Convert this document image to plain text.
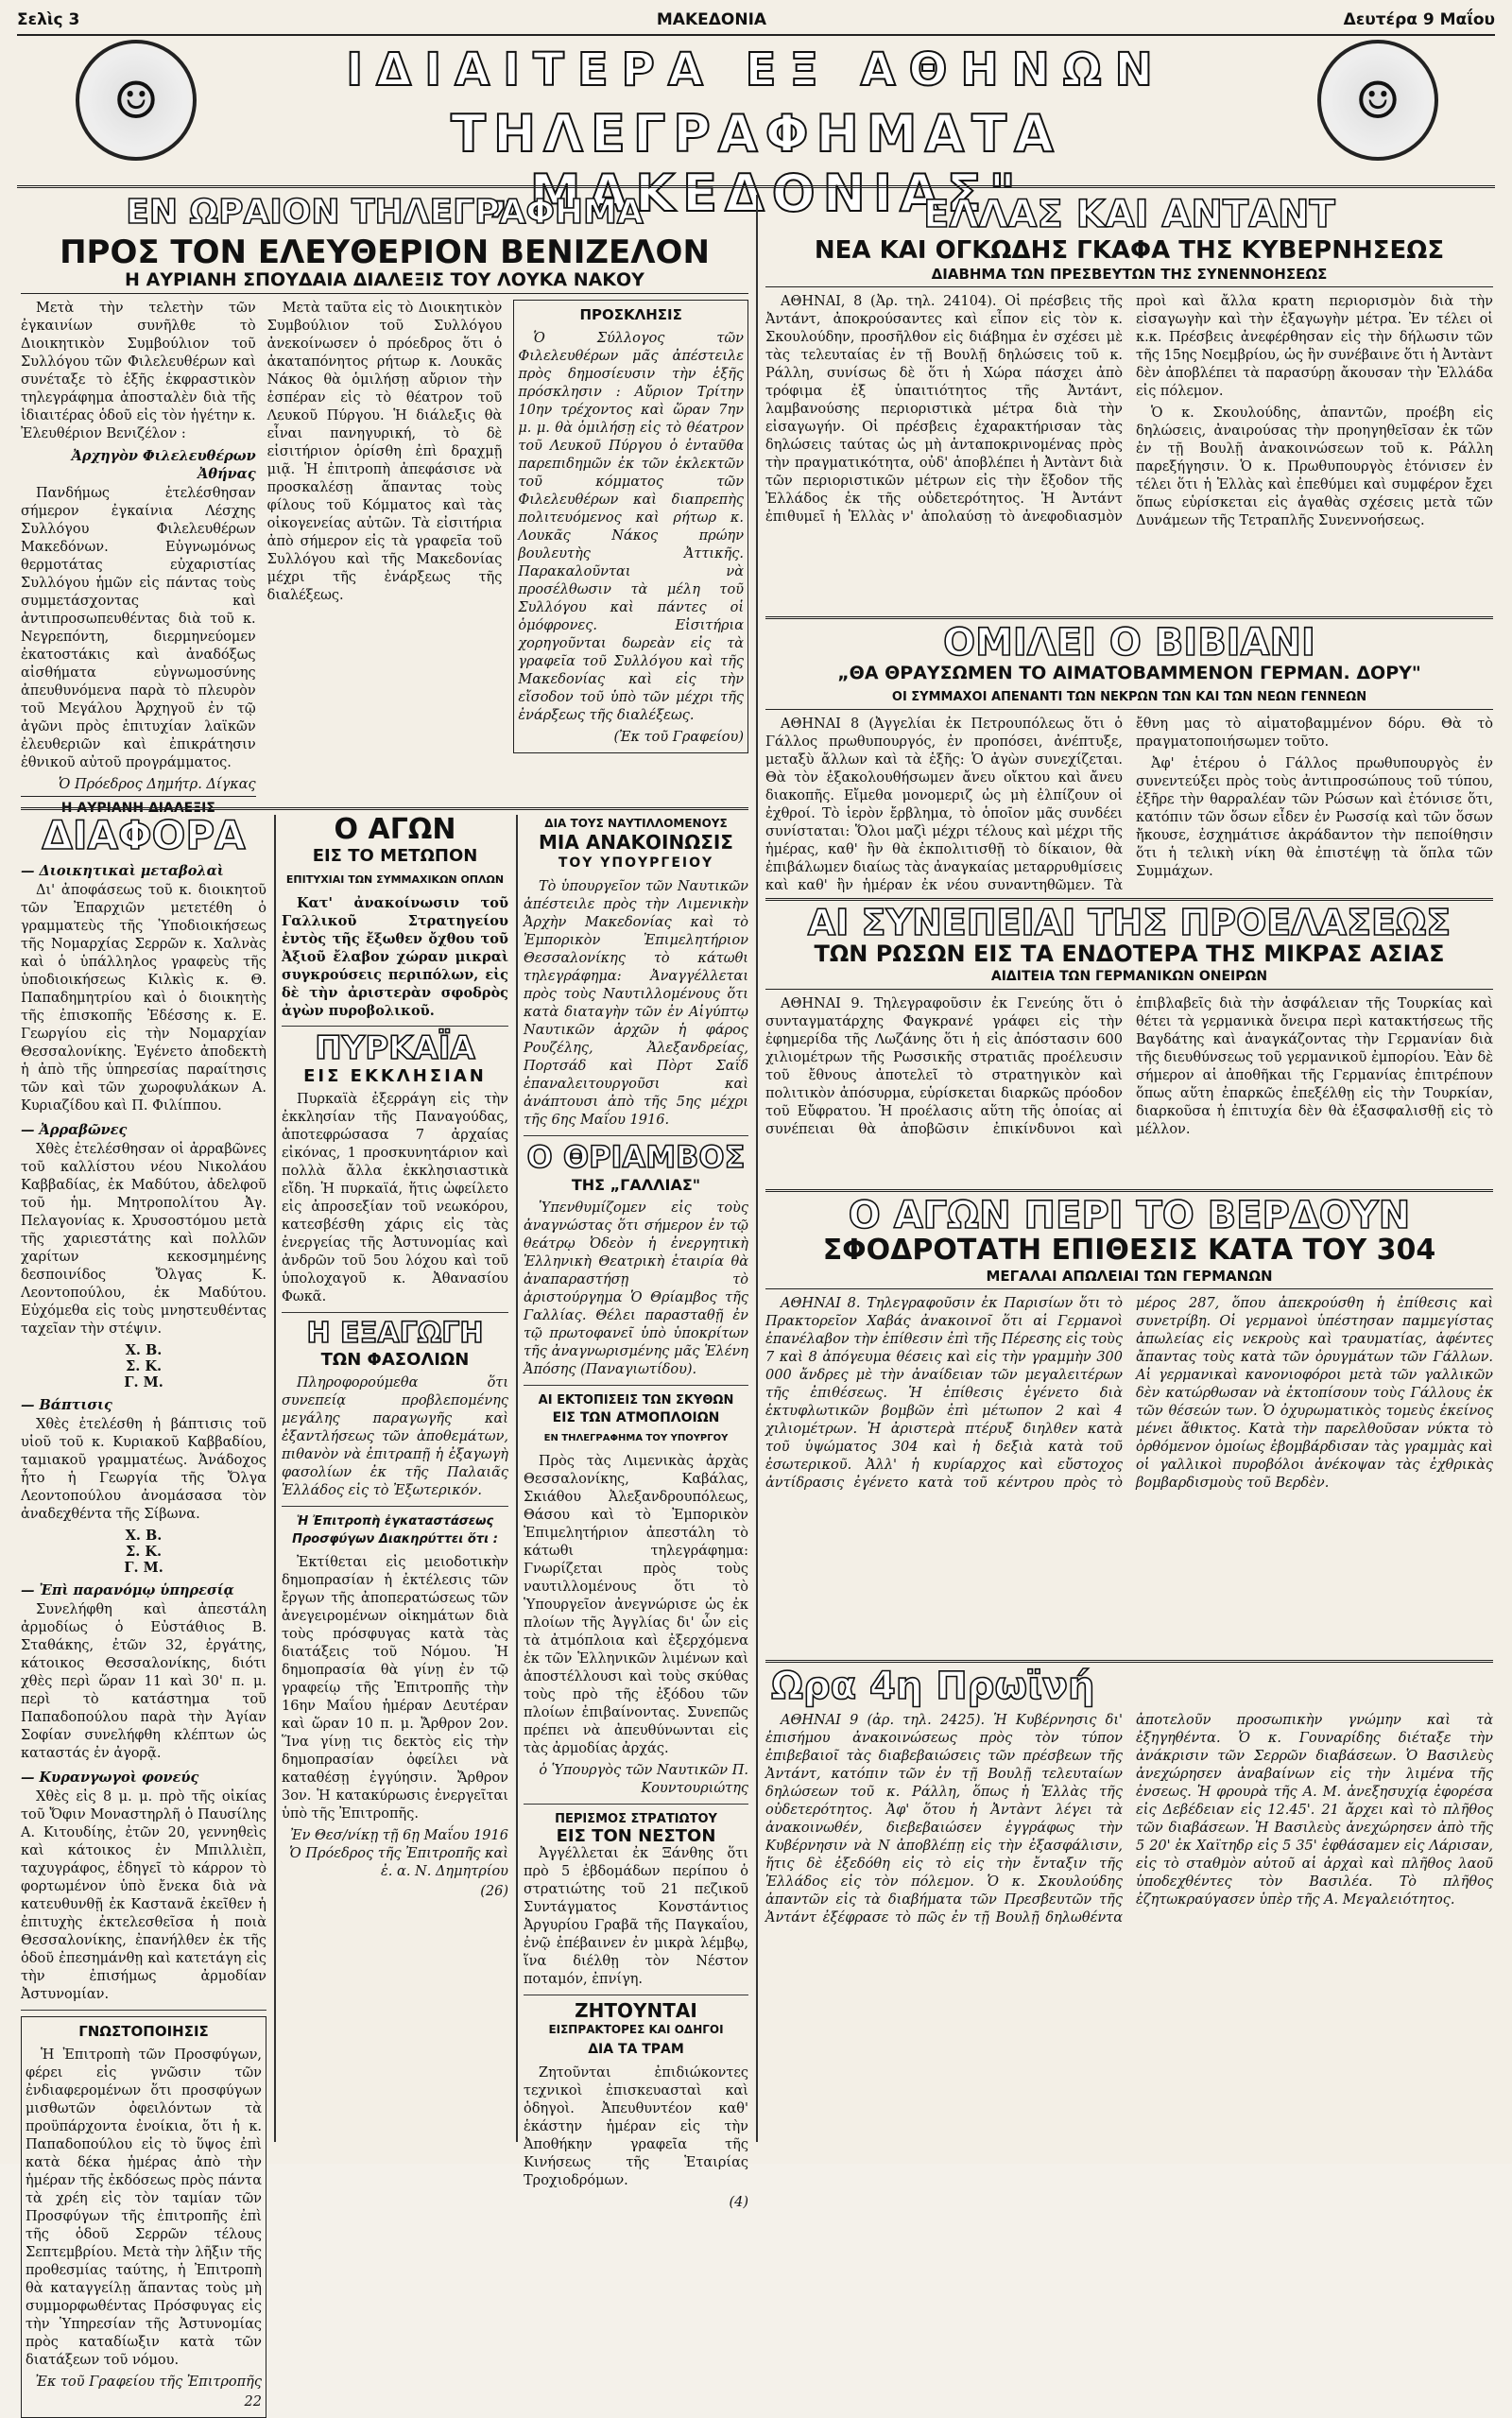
Σελὶς 3	ΜΑΚΕΔΟΝΙΑ	Δευτέρα 9 Μαΐου
☺	☺
ΙΔΙΑΙΤΕΡΑ ΕΞ ΑΘΗΝΩΝ
ΤΗΛΕΓΡΑΦΗΜΑΤΑ „ΜΑΚΕΔΟΝΙΑΣ"
ΕΝ ΩΡΑΙΟΝ ΤΗΛΕΓΡΑΦΗΜΑ
ΠΡΟΣ ΤΟΝ ΕΛΕΥΘΕΡΙΟΝ ΒΕΝΙΖΕΛΟΝ
Η ΑΥΡΙΑΝΗ ΣΠΟΥΔΑΙΑ ΔΙΑΛΕΞΙΣ ΤΟΥ ΛΟΥΚΑ ΝΑΚΟΥ

Μετὰ τὴν τελετὴν τῶν ἐγκαινίων συνῆλθε τὸ Διοικητικὸν Συμβούλιον τοῦ Συλλόγου τῶν Φιλελευθέρων καὶ συνέταξε τὸ ἑξῆς ἐκφραστικὸν τηλεγράφημα ἀποσταλὲν διὰ τῆς ἰδιαιτέρας ὁδοῦ εἰς τὸν ἡγέτην κ. Ἐλευθέριον Βενιζέλον :

Ἀρχηγὸν Φιλελευθέρων Ἀθήνας

Πανδήμως ἑτελέσθησαν σήμερον ἐγκαίνια Λέσχης Συλλόγου Φιλελευθέρων Μακεδόνων. Εὐγνωμόνως θερμοτάτας εὐχαριστίας Συλλόγου ἡμῶν εἰς πάντας τοὺς συμμετάσχοντας καὶ ἀντιπροσωπευθέντας διὰ τοῦ κ. Νεγρεπόντη, διερμηνεύομεν ἐκατοστάκις καὶ ἀναδόξως αἰσθήματα εὐγνωμοσύνης ἀπευθυνόμενα παρὰ τὸ πλευρὸν τοῦ Μεγάλου Ἀρχηγοῦ ἐν τῷ ἀγῶνι πρὸς ἐπιτυχίαν λαϊκῶν ἐλευθεριῶν καὶ ἐπικράτησιν ἐθνικοῦ αὐτοῦ προγράμματος.

Ὁ Πρόεδρος Δημήτρ. Δίγκας
Η ΑΥΡΙΑΝΗ ΔΙΑΛΕΞΙΣ

Μετὰ ταῦτα εἰς τὸ Διοικητικὸν Συμβούλιον τοῦ Συλλόγου ἀνεκοίνωσεν ὁ πρόεδρος ὅτι ὁ ἀκαταπόνητος ρήτωρ κ. Λουκᾶς Νάκος θὰ ὁμιλήσῃ αὔριον τὴν ἑσπέραν εἰς τὸ θέατρον τοῦ Λευκοῦ Πύργου. Ἡ διάλεξις θὰ εἶναι πανηγυρική, τὸ δὲ εἰσιτήριον ὁρίσθη ἐπὶ δραχμῇ μιᾷ. Ἡ ἐπιτροπὴ ἀπεφάσισε νὰ προσκαλέσῃ ἅπαντας τοὺς φίλους τοῦ Κόμματος καὶ τὰς οἰκογενείας αὐτῶν. Τὰ εἰσιτήρια ἀπὸ σήμερον εἰς τὰ γραφεῖα τοῦ Συλλόγου καὶ τῆς Μακεδονίας μέχρι τῆς ἐνάρξεως τῆς διαλέξεως.

ΠΡΟΣΚΛΗΣΙΣ

Ὁ Σύλλογος τῶν Φιλελευθέρων μᾶς ἀπέστειλε πρὸς δημοσίευσιν τὴν ἑξῆς πρόσκλησιν : Αὔριον Τρίτην 10ην τρέχοντος καὶ ὥραν 7ην μ. μ. θὰ ὁμιλήσῃ εἰς τὸ θέατρον τοῦ Λευκοῦ Πύργου ὁ ἐνταῦθα παρεπιδημῶν ἐκ τῶν ἐκλεκτῶν τοῦ κόμματος τῶν Φιλελευθέρων καὶ διαπρεπὴς πολιτευόμενος καὶ ρήτωρ κ. Λουκᾶς Νάκος πρώην βουλευτὴς Ἀττικῆς. Παρακαλοῦνται νὰ προσέλθωσιν τὰ μέλη τοῦ Συλλόγου καὶ πάντες οἱ ὁμόφρονες. Εἰσιτήρια χορηγοῦνται δωρεὰν εἰς τὰ γραφεῖα τοῦ Συλλόγου καὶ τῆς Μακεδονίας καὶ εἰς τὴν εἴσοδον τοῦ ὑπὸ τῶν μέχρι τῆς ἐνάρξεως τῆς διαλέξεως.

(Ἐκ τοῦ Γραφείου)
ΕΛΛΑΣ ΚΑΙ ΑΝΤΑΝΤ
ΝΕΑ ΚΑΙ ΟΓΚΩΔΗΣ ΓΚΑΦΑ ΤΗΣ ΚΥΒΕΡΝΗΣΕΩΣ
ΔΙΑΒΗΜΑ ΤΩΝ ΠΡΕΣΒΕΥΤΩΝ ΤΗΣ ΣΥΝΕΝΝΟΗΣΕΩΣ

ΑΘΗΝΑΙ, 8 (Ἀρ. τηλ. 24104). Οἱ πρέσβεις τῆς Ἀντάντ, ἀποκρούσαντες καὶ εἶπον εἰς τὸν κ. Σκουλούδην, προσῆλθον εἰς διάβημα ἐν σχέσει μὲ τὰς τελευταίας ἐν τῇ Βουλῇ δηλώσεις τοῦ κ. Ράλλη, συνίσως δὲ ὅτι ἡ Χώρα πάσχει ἀπὸ τρόφιμα ἐξ ὑπαιτιότητος τῆς Ἀντάντ, λαμβανούσης περιοριστικὰ μέτρα διὰ τὴν εἰσαγωγήν. Οἱ πρέσβεις ἐχαρακτήρισαν τὰς δηλώσεις ταύτας ὡς μὴ ἀνταποκρινομένας πρὸς τὴν πραγματικότητα, οὐδ' ἀποβλέπει ἡ Ἀντὰντ διὰ τῶν περιοριστικῶν μέτρων εἰς τὴν ἔξοδον τῆς Ἑλλάδος ἐκ τῆς οὐδετερότητος. Ἡ Ἀντάντ ἐπιθυμεῖ ἡ Ἑλλὰς ν' ἀπολαύσῃ τὸ ἀνεφοδιασμὸν προὶ καὶ ἄλλα κρατη περιορισμὸν διὰ τὴν εἰσαγωγὴν καὶ τὴν ἐξαγωγὴν μέτρα. Ἐν τέλει οἱ κ.κ. Πρέσβεις ἀνεφέρθησαν εἰς τὴν δήλωσιν τῶν τῆς 15ης Νοεμβρίου, ὡς ἣν συνέβαινε ὅτι ἡ Ἀντὰντ δὲν ἀποβλέπει τὰ παρασύρῃ ἄκουσαν τὴν Ἑλλάδα εἰς πόλεμον.

Ὁ κ. Σκουλούδης, ἀπαντῶν, προέβη εἰς δηλώσεις, ἀναιρούσας τὴν προηγηθεῖσαν ἐκ τῶν ἐν τῇ Βουλῇ ἀνακοινώσεων τοῦ κ. Ράλλη παρεξήγησιν. Ὁ κ. Πρωθυπουργὸς ἐτόνισεν ἐν τέλει ὅτι ἡ Ἑλλὰς καὶ ἐπεθύμει καὶ συμφέρον ἔχει ὅπως εὑρίσκεται εἰς ἀγαθὰς σχέσεις μετὰ τῶν Δυνάμεων τῆς Τετραπλῆς Συνεννοήσεως.

ΟΜΙΛΕΙ Ο ΒΙΒΙΑΝΙ
„ΘΑ ΘΡΑΥΣΩΜΕΝ ΤΟ ΑΙΜΑΤΟΒΑΜΜΕΝΟΝ ΓΕΡΜΑΝ. ΔΟΡΥ"
ΟΙ ΣΥΜΜΑΧΟΙ ΑΠΕΝΑΝΤΙ ΤΩΝ ΝΕΚΡΩΝ ΤΩΝ ΚΑΙ ΤΩΝ ΝΕΩΝ ΓΕΝΝΕΩΝ

ΑΘΗΝΑΙ 8 (Ἀγγελίαι ἐκ Πετρουπόλεως ὅτι ὁ Γάλλος πρωθυπουργός, ἐν προπόσει, ἀνέπτυξε, μεταξὺ ἄλλων καὶ τὰ ἑξῆς: Ὁ ἀγὼν συνεχίζεται. Θὰ τὸν ἐξακολουθήσωμεν ἄνευ οἴκτου καὶ ἄνευ διακοπῆς. Εἴμεθα μονομεριζ ὡς μὴ ἐλπίζουν οἱ ἐχθροί. Τὸ ἱερὸν ἔρβλημα, τὸ ὁποῖον μᾶς συνδέει συνίσταται: Ὅλοι μαζὶ μέχρι τέλους καὶ μέχρι τῆς ἡμέρας, καθ' ἣν θὰ ἐκπολιτισθῇ τὸ δίκαιον, θὰ ἐπιβάλωμεν διαίως τὰς ἀναγκαίας μεταρρυθμίσεις καὶ καθ' ἣν ἡμέραν ἐκ νέου συναντηθῶμεν. Τὰ ἔθνη μας τὸ αἱματοβαμμένον δόρυ. Θὰ τὸ πραγματοποιήσωμεν τοῦτο.

Ἀφ' ἑτέρου ὁ Γάλλος πρωθυπουργὸς ἐν συνεντεύξει πρὸς τοὺς ἀντιπροσώπους τοῦ τύπου, ἐξῆρε τὴν θαρραλέαν τῶν Ρώσων καὶ ἐτόνισε ὅτι, κατόπιν τῶν ὅσων εἶδεν ἐν Ρωσσίᾳ καὶ τῶν ὅσων ἤκουσε, ἐσχημάτισε ἀκράδαντον τὴν πεποίθησιν ὅτι ἡ τελικὴ νίκη θὰ ἐπιστέψῃ τὰ ὅπλα τῶν Συμμάχων.

ΑΙ ΣΥΝΕΠΕΙΑΙ ΤΗΣ ΠΡΟΕΛΑΣΕΩΣ
ΤΩΝ ΡΩΣΩΝ ΕΙΣ ΤΑ ΕΝΔΟΤΕΡΑ ΤΗΣ ΜΙΚΡΑΣ ΑΣΙΑΣ
ΑΙΔΙΤΕΙΑ ΤΩΝ ΓΕΡΜΑΝΙΚΩΝ ΟΝΕΙΡΩΝ

ΑΘΗΝΑΙ 9. Τηλεγραφοῦσιν ἐκ Γενεύης ὅτι ὁ συνταγματάρχης Φαγκρανέ γράφει εἰς τὴν ἐφημερίδα τῆς Λωζάνης ὅτι ἡ εἰς ἀπόστασιν 600 χιλιομέτρων τῆς Ρωσσικῆς στρατιᾶς προέλευσιν τοῦ ἔθνους ἀποτελεῖ τὸ στρατηγικὸν καὶ πολιτικὸν ἀπόσυρμα, εὑρίσκεται διαρκῶς πρόοδον τοῦ Εὔφρατου. Ἡ προέλασις αὕτη τῆς ὁποίας αἱ συνέπειαι θὰ ἀποβῶσιν ἐπικίνδυνοι καὶ ἐπιβλαβεῖς διὰ τὴν ἀσφάλειαν τῆς Τουρκίας καὶ θέτει τὰ γερμανικὰ ὄνειρα περὶ κατακτήσεως τῆς Βαγδάτης καὶ ἀναγκάζοντας τὴν Γερμανίαν διὰ τῆς διευθύνσεως τοῦ γερμανικοῦ ἐμπορίου. Ἐὰν δὲ σήμερον αἱ ἀποθῆκαι τῆς Γερμανίας ἐπιτρέπουν ὅπως αὕτη ἐπαρκῶς ἐπεξέλθῃ εἰς τὴν Τουρκίαν, διαρκοῦσα ἡ ἐπιτυχία δὲν θὰ ἐξασφαλισθῇ εἰς τὸ μέλλον.

Ο ΑΓΩΝ ΠΕΡΙ ΤΟ ΒΕΡΔΟΥΝ
ΣΦΟΔΡΟΤΑΤΗ ΕΠΙΘΕΣΙΣ ΚΑΤΑ ΤΟΥ 304
ΜΕΓΑΛΑΙ ΑΠΩΛΕΙΑΙ ΤΩΝ ΓΕΡΜΑΝΩΝ

ΑΘΗΝΑΙ 8. Τηλεγραφοῦσιν ἐκ Παρισίων ὅτι τὸ Πρακτορεῖον Χαβάς ἀνακοινοῖ ὅτι αἱ Γερμανοὶ ἐπανέλαβον τὴν ἐπίθεσιν ἐπὶ τῆς Πέρεσης εἰς τοὺς 7 καὶ 8 ἀπόγευμα θέσεις καὶ εἰς τὴν γραμμὴν 300 000 ἄνδρες μὲ τὴν ἀναίδειαν τῶν μεγαλειτέρων τῆς ἐπιθέσεως. Ἡ ἐπίθεσις ἐγένετο διὰ ἐκτυφλωτικῶν βομβῶν ἐπὶ μέτωπον 2 καὶ 4 χιλιομέτρων. Ἡ ἀριστερὰ πτέρυξ διηλθεν κατὰ τοῦ ὑψώματος 304 καὶ ἡ δεξιὰ κατὰ τοῦ ἐσωτερικοῦ. Ἀλλ' ἡ κυρίαρχος καὶ εὔστοχος ἀντίδρασις ἐγένετο κατὰ τοῦ κέντρου πρὸς τὸ μέρος 287, ὅπου ἀπεκρούσθη ἡ ἐπίθεσις καὶ συνετρίβη. Οἱ γερμανοὶ ὑπέστησαν παμμεγίστας ἀπωλείας εἰς νεκροὺς καὶ τραυματίας, ἀφέντες ἄπαντας τοὺς κατὰ τῶν ὀρυγμάτων τῶν Γάλλων. Αἱ γερμανικαὶ κανονιοφόροι μετὰ τῶν γαλλικῶν δὲν κατώρθωσαν νὰ ἐκτοπίσουν τοὺς Γάλλους ἐκ τῶν θέσεών των. Ὁ ὀχυρωματικὸς τομεὺς ἐκείνος μένει ἄθικτος. Κατὰ τὴν παρελθοῦσαν νύκτα τὸ ὀρθόμενον ὁμοίως ἐβομβάρδισαν τὰς γραμμὰς καὶ οἱ γαλλικοὶ πυροβόλοι ἀνέκοψαν τὰς ἐχθρικὰς βομβαρδισμοὺς τοῦ Βερδὲν.

Ωρα 4η Πρωϊνή

ΑΘΗΝΑΙ 9 (ἀρ. τηλ. 2425). Ἡ Κυβέρνησις δι' ἐπισήμου ἀνακοινώσεως πρὸς τὸν τύπον ἐπιβεβαιοῖ τὰς διαβεβαιώσεις τῶν πρέσβεων τῆς Ἀντάντ, κατόπιν τῶν ἐν τῇ Βουλῇ τελευταίων δηλώσεων τοῦ κ. Ράλλη, ὅπως ἡ Ἑλλὰς τῆς οὐδετερότητος. Ἀφ' ὅτου ἡ Ἀντὰντ λέγει τὰ ἀνακοινωθέν, διεβεβαιώσεν ἐγγράφως τὴν Κυβέρνησιν νὰ Ν ἀποβλέπῃ εἰς τὴν ἐξασφάλισιν, ἥτις δὲ ἐξεδόθη εἰς τὸ εἰς τὴν ἔνταξιν τῆς Ἑλλάδος εἰς τὸν πόλεμον. Ὁ κ. Σκουλούδης ἀπαντῶν εἰς τὰ διαβήματα τῶν Πρεσβευτῶν τῆς Ἀντάντ ἐξέφρασε τὸ πῶς ἐν τῇ Βουλῇ δηλωθέντα ἀποτελοῦν προσωπικὴν γνώμην καὶ τὰ ἐξηγηθέντα. Ὁ κ. Γουναρίδης διέταξε τὴν ἀνάκρισιν τῶν Σερρῶν διαβάσεων. Ὁ Βασιλεὺς ἀνεχώρησεν ἀναβαίνων εἰς τὴν λιμένα τῆς ἐνσεως. Ἡ φρουρὰ τῆς Α. Μ. ἀνεξησυχίᾳ ἐφορέσα εἰς Δεβέδειαν εἰς 12.45'. 21 ἄρχει καὶ τὸ πλῆθος τῶν διαβάσεων. Ἡ Βασιλεὺς ἀνεχώρησεν ἀπὸ τῆς 5 20' ἐκ Χαϊτηδρ εἰς 5 35' ἐφθάσαμεν εἰς Λάρισαν, εἰς τὸ σταθμὸν αὐτοῦ αἱ ἀρχαὶ καὶ πλῆθος λαοῦ ὑποδεχθέντες τὸν Βασιλέα. Τὸ πλῆθος ἐζητωκραύγασεν ὑπὲρ τῆς Α. Μεγαλειότητος.

ΔΙΑΦΟΡΑ
— Διοικητικαὶ μεταβολαὶ

Δι' ἀποφάσεως τοῦ κ. διοικητοῦ τῶν Ἐπαρχιῶν μετετέθη ὁ γραμματεὺς τῆς Ὑποδιοικήσεως τῆς Νομαρχίας Σερρῶν κ. Χαλνὰς καὶ ὁ ὑπάλληλος γραφεὺς τῆς ὑποδιοικήσεως Κιλκὶς κ. Θ. Παπαδημητρίου καὶ ὁ διοικητὴς τῆς ἐπισκοπῆς Ἐδέσσης κ. Ε. Γεωργίου εἰς τὴν Νομαρχίαν Θεσσαλονίκης. Ἐγένετο ἀποδεκτὴ ἡ ἀπὸ τῆς ὑπηρεσίας παραίτησις τῶν καὶ τῶν χωροφυλάκων Α. Κυριαζίδου καὶ Π. Φιλίππου.

— Ἀρραβῶνες

Χθὲς ἐτελέσθησαν οἱ ἀρραβῶνες τοῦ καλλίστου νέου Νικολάου Καββαδίας, ἐκ Μαδύτου, ἀδελφοῦ τοῦ ἡμ. Μητροπολίτου Ἀγ. Πελαγονίας κ. Χρυσοστόμου μετὰ τῆς χαριεστάτης καὶ πολλῶν χαρίτων κεκοσμημένης δεσποινίδος Ὄλγας Κ. Λεοντοπούλου, ἐκ Μαδύτου. Εὐχόμεθα εἰς τοὺς μνηστευθέντας ταχεῖαν τὴν στέψιν.

Χ. Β.
Σ. Κ.
Γ. Μ.
— Βάπτισις

Χθὲς ἐτελέσθη ἡ βάπτισις τοῦ υἱοῦ τοῦ κ. Κυριακοῦ Καββαδίου, ταμιακοῦ γραμματέως. Ἀνάδοχος ἦτο ἡ Γεωργία τῆς Ὄλγα Λεοντοπούλου ἀνομάσασα τὸν ἀναδεχθέντα τῆς Σίβωνα.

Χ. Β.
Σ. Κ.
Γ. Μ.
— Ἐπὶ παρανόμῳ ὑπηρεσίᾳ

Συνελήφθη καὶ ἀπεστάλη ἀρμοδίως ὁ Εὐστάθιος Β. Σταθάκης, ἐτῶν 32, ἐργάτης, κάτοικος Θεσσαλονίκης, διότι χθὲς περὶ ὥραν 11 καὶ 30' π. μ. περὶ τὸ κατάστημα τοῦ Παπαδοπούλου παρὰ τὴν Ἀγίαν Σοφίαν συνελήφθη κλέπτων ὡς καταστάς ἐν ἀγορᾷ.

— Κυρανγωγοὶ φονεύς

Χθὲς εἰς 8 μ. μ. πρὸ τῆς οἰκίας τοῦ Ὄφιν Μοναστηρλῆ ὁ Παυσίλης Α. Κιτουδίης, ἐτῶν 20, γεννηθεὶς καὶ κάτοικος ἐν Μπιλλιὲπ, ταχυγράφος, ἐδηγεῖ τὸ κάρρον τὸ φορτωμένον ὑπὸ ἔνεκα διὰ νὰ κατευθυνθῇ ἐκ Καστανᾶ ἐκεῖθεν ἡ ἐπιτυχὴς ἐκτελεσθεῖσα ἡ ποιὰ Θεσσαλονίκης, ἐπανήλθεν ἐκ τῆς ὁδοῦ ἐπεσημάνθῃ καὶ κατετάγη εἰς τὴν ἐπισήμως ἀρμοδίαν Ἀστυνομίαν.

ΓΝΩΣΤΟΠΟΙΗΣΙΣ

Ἡ Ἐπιτροπὴ τῶν Προσφύγων, φέρει εἰς γνῶσιν τῶν ἐνδιαφερομένων ὅτι προσφύγων μισθωτῶν ὀφειλόντων τὰ προϋπάρχοντα ἐνοίκια, ὅτι ἡ κ. Παπαδοπούλου εἰς τὸ ὕψος ἐπὶ κατὰ δέκα ἡμέρας ἀπὸ τὴν ἡμέραν τῆς ἐκδόσεως πρὸς πάντα τὰ χρέη εἰς τὸν ταμίαν τῶν Προσφύγων τῆς ἐπιτροπῆς ἐπὶ τῆς ὁδοῦ Σερρῶν τέλους Σεπτεμβρίου. Μετὰ τὴν λῆξιν τῆς προθεσμίας ταύτης, ἡ Ἐπιτροπὴ θὰ καταγγείλῃ ἅπαντας τοὺς μὴ συμμορφωθέντας Πρόσφυγας εἰς τὴν Ὑπηρεσίαν τῆς Ἀστυνομίας πρὸς καταδίωξιν κατὰ τῶν διατάξεων τοῦ νόμου.

Ἐκ τοῦ Γραφείου τῆς Ἐπιτροπῆς
22
Ο ΑΓΩΝ
ΕΙΣ ΤΟ ΜΕΤΩΠΟΝ
ΕΠΙΤΥΧΙΑΙ ΤΩΝ ΣΥΜΜΑΧΙΚΩΝ ΟΠΛΩΝ

Κατ' ἀνακοίνωσιν τοῦ Γαλλικοῦ Στρατηγείου ἐντὸς τῆς ἔξωθεν ὄχθου τοῦ Ἀξιοῦ ἔλαβον χώραν μικραὶ συγκρούσεις περιπόλων, εἰς δὲ τὴν ἀριστερὰν σφοδρὸς ἀγὼν πυροβολικοῦ.

ΠΥΡΚΑΪΑ
ΕΙΣ ΕΚΚΛΗΣΙΑΝ

Πυρκαϊὰ ἐξερράγη εἰς τὴν ἐκκλησίαν τῆς Παναγούδας, ἀποτεφρώσασα 7 ἀρχαίας εἰκόνας, 1 προσκυνητάριον καὶ πολλὰ ἄλλα ἐκκλησιαστικὰ εἴδη. Ἡ πυρκαϊά, ἥτις ὠφείλετο εἰς ἀπροσεξίαν τοῦ νεωκόρου, κατεσβέσθη χάρις εἰς τὰς ἐνεργείας τῆς Ἀστυνομίας καὶ ἀνδρῶν τοῦ 5ου λόχου καὶ τοῦ ὑπολοχαγοῦ κ. Ἀθανασίου Φωκᾶ.

Η ΕΞΑΓΩΓΗ
ΤΩΝ ΦΑΣΟΛΙΩΝ

Πληροφορούμεθα ὅτι συνεπείᾳ προβλεπομένης μεγάλης παραγωγῆς καὶ ἐξαντλήσεως τῶν ἀποθεμάτων, πιθανὸν νὰ ἐπιτραπῇ ἡ ἐξαγωγὴ φασολίων ἐκ τῆς Παλαιᾶς Ἑλλάδος εἰς τὸ Ἐξωτερικόν.

Ἡ Ἐπιτροπὴ ἐγκαταστάσεως Προσφύγων Διακηρύττει ὅτι :

Ἐκτίθεται εἰς μειοδοτικὴν δημοπρασίαν ἡ ἐκτέλεσις τῶν ἔργων τῆς ἀποπερατώσεως τῶν ἀνεγειρομένων οἰκημάτων διὰ τοὺς πρόσφυγας κατὰ τὰς διατάξεις τοῦ Νόμου. Ἡ δημοπρασία θὰ γίνῃ ἐν τῷ γραφείῳ τῆς Ἐπιτροπῆς τὴν 16ην Μαΐου ἡμέραν Δευτέραν καὶ ὥραν 10 π. μ. Ἄρθρον 2ον. Ἵνα γίνῃ τις δεκτὸς εἰς τὴν δημοπρασίαν ὀφείλει νὰ καταθέσῃ ἐγγύησιν. Ἄρθρον 3ον. Ἡ κατακύρωσις ἐνεργεῖται ὑπὸ τῆς Ἐπιτροπῆς.

Ἐν Θεσ/νίκῃ τῇ 6ῃ Μαΐου 1916 Ὁ Πρόεδρος τῆς Ἐπιτροπῆς καὶ ἐ. α. Ν. Δημητρίου
(26)
ΔΙΑ ΤΟΥΣ ΝΑΥΤΙΛΛΟΜΕΝΟΥΣ
ΜΙΑ ΑΝΑΚΟΙΝΩΣΙΣ
ΤΟΥ ΥΠΟΥΡΓΕΙΟΥ

Τὸ ὑπουργεῖον τῶν Ναυτικῶν ἀπέστειλε πρὸς τὴν Λιμενικὴν Ἀρχὴν Μακεδονίας καὶ τὸ Ἐμπορικὸν Ἐπιμελητήριον Θεσσαλονίκης τὸ κάτωθι τηλεγράφημα: Ἀναγγέλλεται πρὸς τοὺς Ναυτιλλομένους ὅτι κατὰ διαταγὴν τῶν ἐν Αἰγύπτῳ Ναυτικῶν ἀρχῶν ἡ φάρος Ρουζέλης, Ἀλεξανδρείας, Πορτσάδ καὶ Πὸρτ Σαΐδ ἐπαναλειτουργοῦσι καὶ ἀνάπτουσι ἀπὸ τῆς 5ης μέχρι τῆς 6ης Μαΐου 1916.

Ο ΘΡΙΑΜΒΟΣ
ΤΗΣ „ΓΑΛΛΙΑΣ"

Ὑπενθυμίζομεν εἰς τοὺς ἀναγνώστας ὅτι σήμερον ἐν τῷ θεάτρῳ Ὀδεὸν ἡ ἐνεργητικὴ Ἑλληνικὴ Θεατρικὴ ἑταιρία θὰ ἀναπαραστήσῃ τὸ ἀριστούργημα Ὁ Θρίαμβος τῆς Γαλλίας. Θέλει παρασταθῇ ἐν τῷ πρωτοφανεῖ ὑπὸ ὑποκρίτων τῆς ἀναγνωρισμένης μᾶς Ἑλένη Ἀπόσης (Παναγιωτίδου).

ΑΙ ΕΚΤΟΠΙΣΕΙΣ ΤΩΝ ΣΚΥΘΩΝ
ΕΙΣ ΤΩΝ ΑΤΜΟΠΛΟΙΩΝ
ΕΝ ΤΗΛΕΓΡΑΦΗΜΑ ΤΟΥ ΥΠΟΥΡΓΟΥ

Πρὸς τὰς Λιμενικὰς ἀρχὰς Θεσσαλονίκης, Καβάλας, Σκιάθου Ἀλεξανδρουπόλεως, Θάσου καὶ τὸ Ἐμπορικὸν Ἐπιμελητήριον ἀπεστάλη τὸ κάτωθι τηλεγράφημα: Γνωρίζεται πρὸς τοὺς ναυτιλλομένους ὅτι τὸ Ὑπουργεῖον ἀνεγνώρισε ὡς ἐκ πλοίων τῆς Ἀγγλίας δι' ὧν εἰς τὰ ἀτμόπλοια καὶ ἐξερχόμενα ἐκ τῶν Ἑλληνικῶν λιμένων καὶ ἀποστέλλουσι καὶ τοὺς σκύθας τοὺς πρὸ τῆς ἐξόδου τῶν πλοίων ἐπιβαίνοντας. Συνεπῶς πρέπει νὰ ἀπευθύνωνται εἰς τὰς ἀρμοδίας ἀρχάς.

ὁ Ὑπουργὸς τῶν Ναυτικῶν Π. Κουντουριώτης
ΠΕΡΙΣΜΟΣ ΣΤΡΑΤΙΩΤΟΥ
ΕΙΣ ΤΟΝ ΝΕΣΤΟΝ

Ἀγγέλλεται ἐκ Ξάνθης ὅτι πρὸ 5 ἑβδομάδων περίπου ὁ στρατιώτης τοῦ 21 πεζικοῦ Συντάγματος Κονστάντιος Ἀργυρίου Γραβᾶ τῆς Παγκαΐου, ἐνῷ ἐπέβαινεν ἐν μικρὰ λέμβῳ, ἵνα διέλθῃ τὸν Νέστον ποταμόν, ἐπνίγη.

ΖΗΤΟΥΝΤΑΙ
ΕΙΣΠΡΑΚΤΟΡΕΣ ΚΑΙ ΟΔΗΓΟΙ
ΔΙΑ ΤΑ ΤΡΑΜ

Ζητοῦνται ἐπιδιώκοντες τεχνικοὶ ἐπισκευασταὶ καὶ ὁδηγοὶ. Ἀπευθυντέον καθ' ἑκάστην ἡμέραν εἰς τὴν Ἀποθήκην γραφεῖα τῆς Κινήσεως τῆς Ἑταιρίας Τροχιοδρόμων.

(4)
